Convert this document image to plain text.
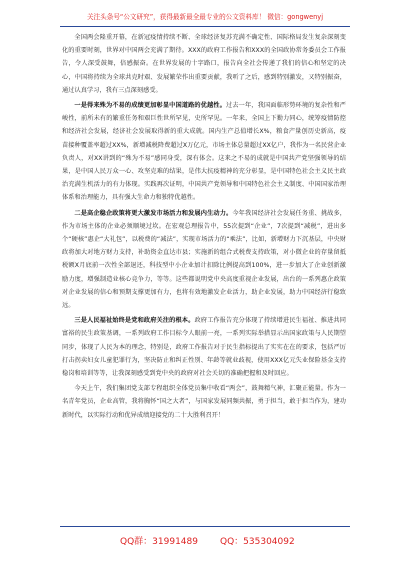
关注头条号“公文研究”，获得最新最全最专业的公文资料库！ 微信：gongwenyj

全国两会隆重开幕，在新冠疫情持续不断、全球经济复苏充满不确定性、国际格局发生复杂深刻变化的重要时刻，世界对中国两会充满了期待。XXX的政府工作报告和XXX的全国政协常务委员会工作报告，令人深受鼓舞，倍感振奋。在世界发展的十字路口，报告向全社会传递了我们的信心和坚定的决心，中国将持续为全球共克时艰、发展繁荣作出重要贡献，我听了之后，感到特别激发，又特别振奋，通过认真学习，我有三点深刻感受。

一是得来殊为不易的成绩更加彰显中国道路的优越性。过去一年，我国面临形势环境的复杂性和严峻性，前所未有的繁重任务和艰巨性世所罕见，史所罕见。一年来，全国上下勠力同心，统筹疫情防控和经济社会发展，经济社会发展取得新的重大成就。国内生产总值增长X%，粮食产量创历史新高，疫苗接种覆盖率超过XX%，新增减税降费超过X万亿元，市场主体总量超过XX亿户，我作为一名民营企业负责人，对XX讲到的“殊为不易”感同身受，深有体会。这来之不易的成就是中国共产党坚强领导的结果，是中国人民万众一心、攻坚克难的结果，是伟大抗疫精神的充分彰显，是中国特色社会主义民主政治充满生机活力的有力体现。实践再次证明，中国共产党领导和中国特色社会主义制度、中国国家治理体系和治理能力，具有强大生命力和独特优越性。

二是高企稳企政策将更大激发市场活力和发展内生动力。今年我国经济社会发展任务重、挑战多，作为市场主体的企业必须顺境过坎。在宏观总理报告中，55次提到“企业”，7次提到“减税”，进出多个“硬核”惠企“大礼包”，以税费的“减法”，实现市场活力的“乘法”，比如，新增财力下沉基层，中央财政将加大对地方财力支持，补助资金直达市县；实施新的组合式税费支持政策，对小微企业的存量留抵税额X月底前一次性全部退还，科技型中小企业加计扣除比例提高到100%，进一步加大了企业创新激励力度，增强制造业核心竞争力，等等。这些都说明党中央高度重视企业发展，出台的一系列惠企政策对企业发展的信心和预期支撑更加有力，也将有效地激发企业活力，助企业发展，助力中国经济行稳致远。

三是人民福祉始终是党和政府关注的根本。政府工作报告充分体现了持续增进民生福祉、推进共同富裕的民生政策基调，一系列政府工作目标令人眼前一亮，一系列实际举措显示出国家政策与人民期望同步，体现了人民为本的理念，特别是，政府工作报告对于民生指标提出了实实在在的要求，包括严厉打击拐卖妇女儿童犯罪行为，坚决防止和纠正性别、年龄等就业歧视，使用XXX亿元失业保险基金支持稳岗和培训等等，让我深刻感受到党中央的政府对社会关切的准确把握和及时回应。

今天上午，我们集团党支部专程组织全体党员集中收看“两会”，鼓舞精气神，汇聚正能量。作为一名青年党员，企业高管，我将胸怀“国之大者”，与国家发展同频共振，勇于担当，敢于担当作为，建功新时代，以实际行动和优异成绩迎接党的二十大胜利召开！

QQ群：31991489 QQ：535304092
